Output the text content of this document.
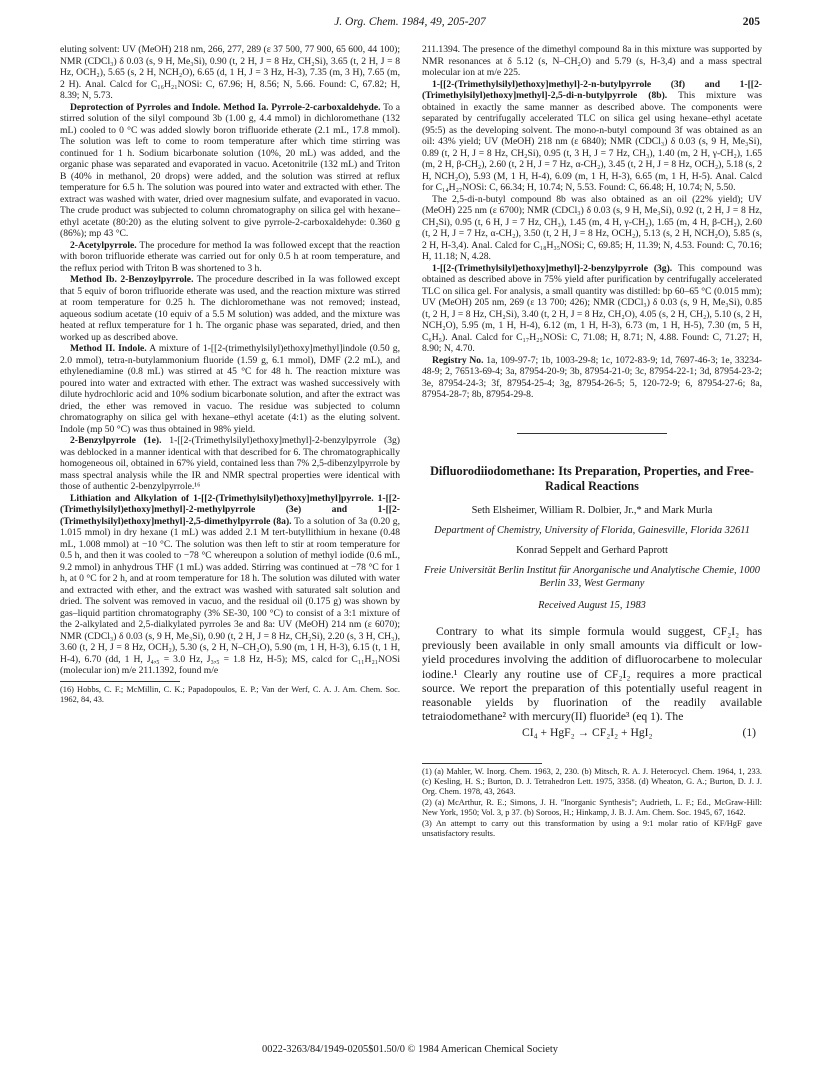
J. Org. Chem. 1984, 49, 205-207	205

eluting solvent: UV (MeOH) 218 nm, 266, 277, 289 (ε 37 500, 77 900, 65 600, 44 100); NMR (CDCl₃) δ 0.03 (s, 9 H, Me₃Si), 0.90 (t, 2 H, J = 8 Hz, CH₂Si), 3.65 (t, 2 H, J = 8 Hz, OCH₂), 5.65 (s, 2 H, NCH₂O), 6.65 (d, 1 H, J = 3 Hz, H-3), 7.35 (m, 3 H), 7.65 (m, 2 H). Anal. Calcd for C₁₆H₂₁NOSi: C, 67.96; H, 8.56; N, 5.66. Found: C, 67.82; H, 8.39; N, 5.73.

Deprotection of Pyrroles and Indole. Method Ia. Pyrrole-2-carboxaldehyde. To a stirred solution of the silyl compound 3b (1.00 g, 4.4 mmol) in dichloromethane (132 mL) cooled to 0 °C was added slowly boron trifluoride etherate (2.1 mL, 17.8 mmol). The solution was left to come to room temperature after which time stirring was continued for 1 h. Sodium bicarbonate solution (10%, 20 mL) was added, and the organic phase was separated and evaporated in vacuo. Acetonitrile (132 mL) and Triton B (40% in methanol, 20 drops) were added, and the solution was stirred at reflux temperature for 6.5 h. The solution was poured into water and extracted with ether. The extract was washed with water, dried over magnesium sulfate, and evaporated in vacuo. The crude product was subjected to column chromatography on silica gel with hexane–ethyl acetate (80:20) as the eluting solvent to give pyrrole-2-carboxaldehyde: 0.360 g (86%); mp 43 °C.

2-Acetylpyrrole. The procedure for method Ia was followed except that the reaction with boron trifluoride etherate was carried out for only 0.5 h at room temperature, and the reflux period with Triton B was shortened to 3 h.

Method Ib. 2-Benzoylpyrrole. The procedure described in Ia was followed except that 5 equiv of boron trifluoride etherate was used, and the reaction mixture was stirred at room temperature for 0.25 h. The dichloromethane was not removed; instead, aqueous sodium acetate (10 equiv of a 5.5 M solution) was added, and the mixture was heated at reflux temperature for 1 h. The organic phase was separated, dried, and then worked up as described above.

Method II. Indole. A mixture of 1-[[2-(trimethylsilyl)ethoxy]methyl]indole (0.50 g, 2.0 mmol), tetra-n-butylammonium fluoride (1.59 g, 6.1 mmol), DMF (2.2 mL), and ethylenediamine (0.8 mL) was stirred at 45 °C for 48 h. The reaction mixture was poured into water and extracted with ether. The extract was washed successively with dilute hydrochloric acid and 10% sodium bicarbonate solution, and after the extract was dried, the ether was removed in vacuo. The residue was subjected to column chromatography on silica gel with hexane–ethyl acetate (4:1) as the eluting solvent. Indole (mp 50 °C) was thus obtained in 98% yield.

2-Benzylpyrrole (1e). 1-[[2-(Trimethylsilyl)ethoxy]methyl]-2-benzylpyrrole (3g) was deblocked in a manner identical with that described for 6. The chromatographically homogeneous oil, obtained in 67% yield, contained less than 7% 2,5-dibenzylpyrrole by mass spectral analysis while the IR and NMR spectral properties were identical with those of authentic 2-benzylpyrrole.¹⁶

Lithiation and Alkylation of 1-[[2-(Trimethylsilyl)ethoxy]methyl]pyrrole. 1-[[2-(Trimethylsilyl)ethoxy]methyl]-2-methylpyrrole (3e) and 1-[[2-(Trimethylsilyl)ethoxy]methyl]-2,5-dimethylpyrrole (8a). To a solution of 3a (0.20 g, 1.015 mmol) in dry hexane (1 mL) was added 2.1 M tert-butyllithium in hexane (0.48 mL, 1.008 mmol) at −10 °C. The solution was then left to stir at room temperature for 0.5 h, and then it was cooled to −78 °C whereupon a solution of methyl iodide (0.6 mL, 9.2 mmol) in anhydrous THF (1 mL) was added. Stirring was continued at −78 °C for 1 h, at 0 °C for 2 h, and at room temperature for 18 h. The solution was diluted with water and extracted with ether, and the extract was washed with saturated salt solution and dried. The solvent was removed in vacuo, and the residual oil (0.175 g) was shown by gas–liquid partition chromatography (3% SE-30, 100 °C) to consist of a 3:1 mixture of the 2-alkylated and 2,5-dialkylated pyrroles 3e and 8a: UV (MeOH) 214 nm (ε 6070); NMR (CDCl₃) δ 0.03 (s, 9 H, Me₃Si), 0.90 (t, 2 H, J = 8 Hz, CH₂Si), 2.20 (s, 3 H, CH₃), 3.60 (t, 2 H, J = 8 Hz, OCH₂), 5.30 (s, 2 H, N–CH₂O), 5.90 (m, 1 H, H-3), 6.15 (t, 1 H, H-4), 6.70 (dd, 1 H, J₄,₅ = 3.0 Hz, J₃,₅ = 1.8 Hz, H-5); MS, calcd for C₁₁H₂₁NOSi (molecular ion) m/e 211.1392, found m/e

(16) Hobbs, C. F.; McMillin, C. K.; Papadopoulos, E. P.; Van der Werf, C. A. J. Am. Chem. Soc. 1962, 84, 43.

211.1394. The presence of the dimethyl compound 8a in this mixture was supported by NMR resonances at δ 5.12 (s, N–CH₂O) and 5.79 (s, H-3,4) and a mass spectral molecular ion at m/e 225.

1-[[2-(Trimethylsilyl)ethoxy]methyl]-2-n-butylpyrrole (3f) and 1-[[2-(Trimethylsilyl)ethoxy]methyl]-2,5-di-n-butylpyrrole (8b). This mixture was obtained in exactly the same manner as described above. The components were separated by centrifugally accelerated TLC on silica gel using hexane–ethyl acetate (95:5) as the developing solvent. The mono-n-butyl compound 3f was obtained as an oil: 43% yield; UV (MeOH) 218 nm (ε 6840); NMR (CDCl₃) δ 0.03 (s, 9 H, Me₃Si), 0.89 (t, 2 H, J = 8 Hz, CH₂Si), 0.95 (t, 3 H, J = 7 Hz, CH₃), 1.40 (m, 2 H, γ-CH₂), 1.65 (m, 2 H, β-CH₂), 2.60 (t, 2 H, J = 7 Hz, α-CH₂), 3.45 (t, 2 H, J = 8 Hz, OCH₂), 5.18 (s, 2 H, NCH₂O), 5.93 (M, 1 H, H-4), 6.09 (m, 1 H, H-3), 6.65 (m, 1 H, H-5). Anal. Calcd for C₁₄H₂₇NOSi: C, 66.34; H, 10.74; N, 5.53. Found: C, 66.48; H, 10.74; N, 5.50.

The 2,5-di-n-butyl compound 8b was also obtained as an oil (22% yield); UV (MeOH) 225 nm (ε 6700); NMR (CDCl₃) δ 0.03 (s, 9 H, Me₃Si), 0.92 (t, 2 H, J = 8 Hz, CH₂Si), 0.95 (t, 6 H, J = 7 Hz, CH₃), 1.45 (m, 4 H, γ-CH₂), 1.65 (m, 4 H, β-CH₂), 2.60 (t, 2 H, J = 7 Hz, α-CH₂), 3.50 (t, 2 H, J = 8 Hz, OCH₂), 5.13 (s, 2 H, NCH₂O), 5.85 (s, 2 H, H-3,4). Anal. Calcd for C₁₈H₃₅NOSi; C, 69.85; H, 11.39; N, 4.53. Found: C, 70.16; H, 11.18; N, 4.28.

1-[[2-(Trimethylsilyl)ethoxy]methyl]-2-benzylpyrrole (3g). This compound was obtained as described above in 75% yield after purification by centrifugally accelerated TLC on silica gel. For analysis, a small quantity was distilled: bp 60–65 °C (0.015 mm); UV (MeOH) 205 nm, 269 (ε 13 700; 426); NMR (CDCl₃) δ 0.03 (s, 9 H, Me₃Si), 0.85 (t, 2 H, J = 8 Hz, CH₂Si), 3.40 (t, 2 H, J = 8 Hz, CH₂O), 4.05 (s, 2 H, CH₂), 5.10 (s, 2 H, NCH₂O), 5.95 (m, 1 H, H-4), 6.12 (m, 1 H, H-3), 6.73 (m, 1 H, H-5), 7.30 (m, 5 H, C₆H₅). Anal. Calcd for C₁₇H₂₅NOSi: C, 71.08; H, 8.71; N, 4.88. Found: C, 71.27; H, 8.90; N, 4.70.

Registry No. 1a, 109-97-7; 1b, 1003-29-8; 1c, 1072-83-9; 1d, 7697-46-3; 1e, 33234-48-9; 2, 76513-69-4; 3a, 87954-20-9; 3b, 87954-21-0; 3c, 87954-22-1; 3d, 87954-23-2; 3e, 87954-24-3; 3f, 87954-25-4; 3g, 87954-26-5; 5, 120-72-9; 6, 87954-27-6; 8a, 87954-28-7; 8b, 87954-29-8.

Difluorodiiodomethane: Its Preparation, Properties, and Free-Radical Reactions
Seth Elsheimer, William R. Dolbier, Jr.,* and Mark Murla
Department of Chemistry, University of Florida, Gainesville, Florida 32611
Konrad Seppelt and Gerhard Paprott
Freie Universität Berlin Institut für Anorganische und Analytische Chemie, 1000 Berlin 33, West Germany
Received August 15, 1983

Contrary to what its simple formula would suggest, CF₂I₂ has previously been available in only small amounts via difficult or low-yield procedures involving the addition of difluorocarbene to molecular iodine.¹ Clearly any routine use of CF₂I₂ requires a more practical source. We report the preparation of this potentially useful reagent in reasonable yields by fluorination of the readily available tetraiodomethane² with mercury(II) fluoride³ (eq 1). The

CI₄ + HgF₂ → CF₂I₂ + HgI₂	(1)

(1) (a) Mahler, W. Inorg. Chem. 1963, 2, 230. (b) Mitsch, R. A. J. Heterocycl. Chem. 1964, 1, 233. (c) Kesling, H. S.; Burton, D. J. Tetrahedron Lett. 1975, 3358. (d) Wheaton, G. A.; Burton, D. J. J. Org. Chem. 1978, 43, 2643.

(2) (a) McArthur, R. E.; Simons, J. H. "Inorganic Synthesis"; Audrieth, L. F.; Ed., McGraw-Hill: New York, 1950; Vol. 3, p 37. (b) Soroos, H.; Hinkamp, J. B. J. Am. Chem. Soc. 1945, 67, 1642.

(3) An attempt to carry out this transformation by using a 9:1 molar ratio of KF/HgF gave unsatisfactory results.

0022-3263/84/1949-0205$01.50/0 © 1984 American Chemical Society
